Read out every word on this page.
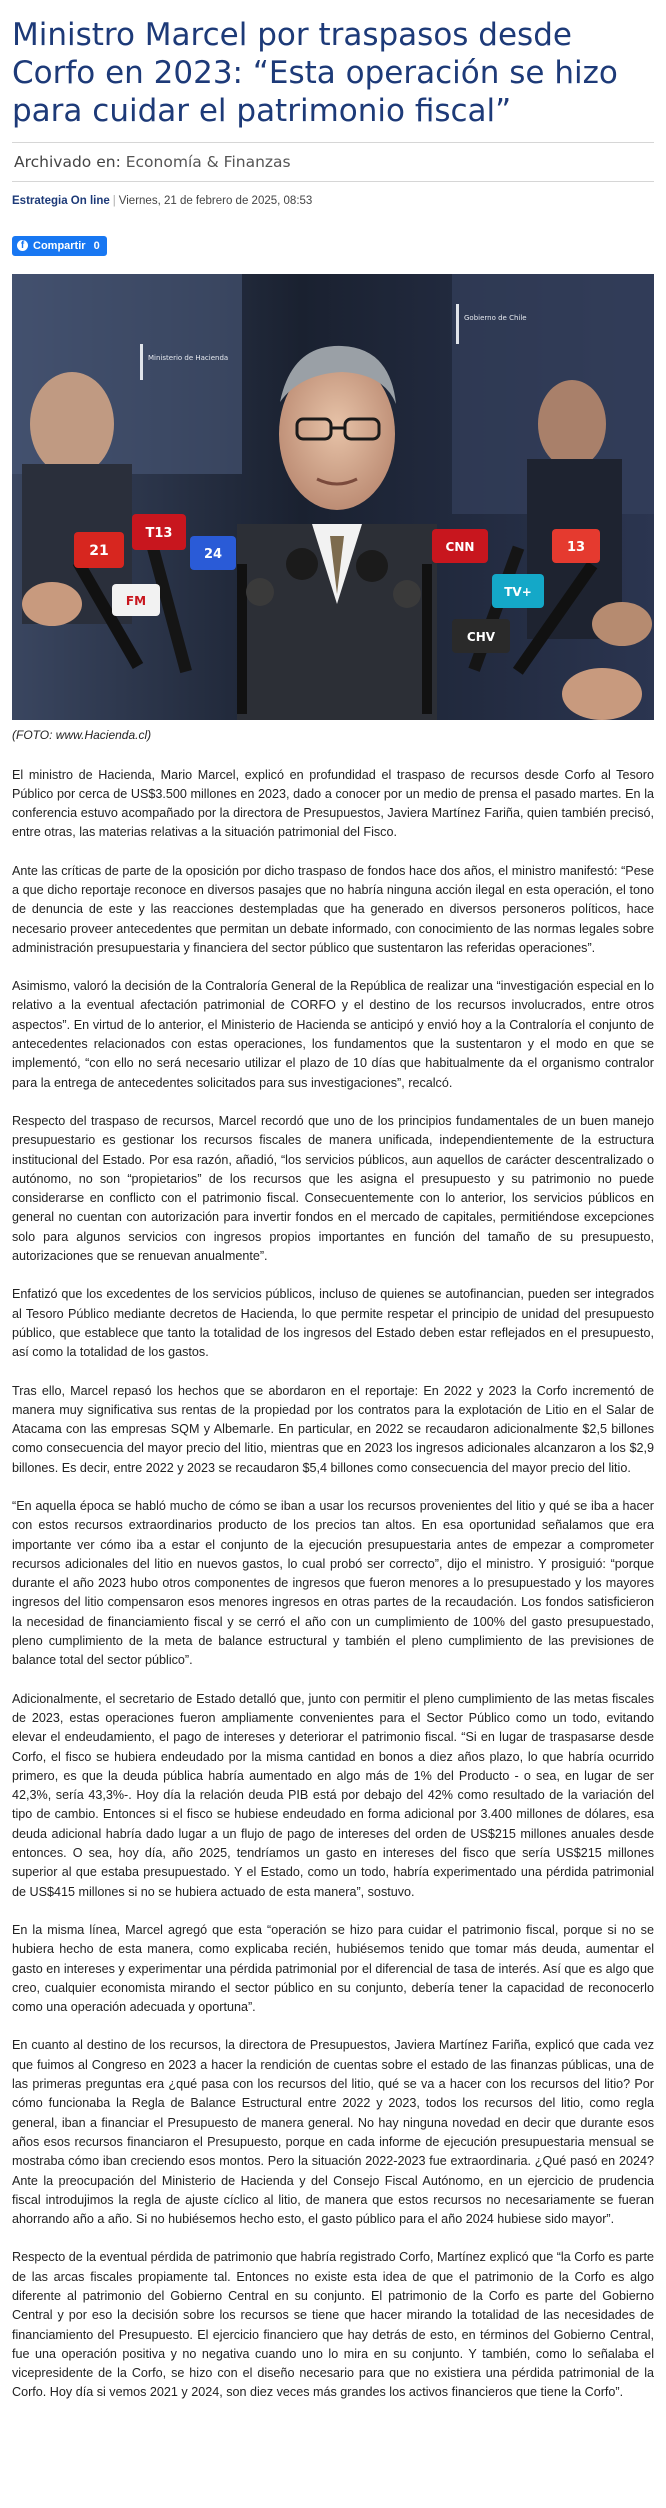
Ministro Marcel por traspasos desde Corfo en 2023: “Esta operación se hizo para cuidar el patrimonio fiscal”
Archivado en: Economía & Finanzas
Estrategia On line | Viernes, 21 de febrero de 2025, 08:53
f Compartir 0
Gobierno de Chile
Ministerio de Hacienda
21
T13
24
FM
CNN
TV+
13
CHV
(FOTO: www.Hacienda.cl)

El ministro de Hacienda, Mario Marcel, explicó en profundidad el traspaso de recursos desde Corfo al Tesoro Público por cerca de US$3.500 millones en 2023, dado a conocer por un medio de prensa el pasado martes. En la conferencia estuvo acompañado por la directora de Presupuestos, Javiera Martínez Fariña, quien también precisó, entre otras, las materias relativas a la situación patrimonial del Fisco.

Ante las críticas de parte de la oposición por dicho traspaso de fondos hace dos años, el ministro manifestó: “Pese a que dicho reportaje reconoce en diversos pasajes que no habría ninguna acción ilegal en esta operación, el tono de denuncia de este y las reacciones destempladas que ha generado en diversos personeros políticos, hace necesario proveer antecedentes que permitan un debate informado, con conocimiento de las normas legales sobre administración presupuestaria y financiera del sector público que sustentaron las referidas operaciones”.

Asimismo, valoró la decisión de la Contraloría General de la República de realizar una “investigación especial en lo relativo a la eventual afectación patrimonial de CORFO y el destino de los recursos involucrados, entre otros aspectos”. En virtud de lo anterior, el Ministerio de Hacienda se anticipó y envió hoy a la Contraloría el conjunto de antecedentes relacionados con estas operaciones, los fundamentos que la sustentaron y el modo en que se implementó, “con ello no será necesario utilizar el plazo de 10 días que habitualmente da el organismo contralor para la entrega de antecedentes solicitados para sus investigaciones”, recalcó.

Respecto del traspaso de recursos, Marcel recordó que uno de los principios fundamentales de un buen manejo presupuestario es gestionar los recursos fiscales de manera unificada, independientemente de la estructura institucional del Estado. Por esa razón, añadió, “los servicios públicos, aun aquellos de carácter descentralizado o autónomo, no son “propietarios” de los recursos que les asigna el presupuesto y su patrimonio no puede considerarse en conflicto con el patrimonio fiscal. Consecuentemente con lo anterior, los servicios públicos en general no cuentan con autorización para invertir fondos en el mercado de capitales, permitiéndose excepciones solo para algunos servicios con ingresos propios importantes en función del tamaño de su presupuesto, autorizaciones que se renuevan anualmente”.

Enfatizó que los excedentes de los servicios públicos, incluso de quienes se autofinancian, pueden ser integrados al Tesoro Público mediante decretos de Hacienda, lo que permite respetar el principio de unidad del presupuesto público, que establece que tanto la totalidad de los ingresos del Estado deben estar reflejados en el presupuesto, así como la totalidad de los gastos.

Tras ello, Marcel repasó los hechos que se abordaron en el reportaje: En 2022 y 2023 la Corfo incrementó de manera muy significativa sus rentas de la propiedad por los contratos para la explotación de Litio en el Salar de Atacama con las empresas SQM y Albemarle. En particular, en 2022 se recaudaron adicionalmente $2,5 billones como consecuencia del mayor precio del litio, mientras que en 2023 los ingresos adicionales alcanzaron a los $2,9 billones. Es decir, entre 2022 y 2023 se recaudaron $5,4 billones como consecuencia del mayor precio del litio.

“En aquella época se habló mucho de cómo se iban a usar los recursos provenientes del litio y qué se iba a hacer con estos recursos extraordinarios producto de los precios tan altos. En esa oportunidad señalamos que era importante ver cómo iba a estar el conjunto de la ejecución presupuestaria antes de empezar a comprometer recursos adicionales del litio en nuevos gastos, lo cual probó ser correcto”, dijo el ministro. Y prosiguió: “porque durante el año 2023 hubo otros componentes de ingresos que fueron menores a lo presupuestado y los mayores ingresos del litio compensaron esos menores ingresos en otras partes de la recaudación. Los fondos satisficieron la necesidad de financiamiento fiscal y se cerró el año con un cumplimiento de 100% del gasto presupuestado, pleno cumplimiento de la meta de balance estructural y también el pleno cumplimiento de las previsiones de balance total del sector público”.

Adicionalmente, el secretario de Estado detalló que, junto con permitir el pleno cumplimiento de las metas fiscales de 2023, estas operaciones fueron ampliamente convenientes para el Sector Público como un todo, evitando elevar el endeudamiento, el pago de intereses y deteriorar el patrimonio fiscal. “Si en lugar de traspasarse desde Corfo, el fisco se hubiera endeudado por la misma cantidad en bonos a diez años plazo, lo que habría ocurrido primero, es que la deuda pública habría aumentado en algo más de 1% del Producto - o sea, en lugar de ser 42,3%, sería 43,3%-. Hoy día la relación deuda PIB está por debajo del 42% como resultado de la variación del tipo de cambio. Entonces si el fisco se hubiese endeudado en forma adicional por 3.400 millones de dólares, esa deuda adicional habría dado lugar a un flujo de pago de intereses del orden de US$215 millones anuales desde entonces. O sea, hoy día, año 2025, tendríamos un gasto en intereses del fisco que sería US$215 millones superior al que estaba presupuestado. Y el Estado, como un todo, habría experimentado una pérdida patrimonial de US$415 millones si no se hubiera actuado de esta manera”, sostuvo.

En la misma línea, Marcel agregó que esta “operación se hizo para cuidar el patrimonio fiscal, porque si no se hubiera hecho de esta manera, como explicaba recién, hubiésemos tenido que tomar más deuda, aumentar el gasto en intereses y experimentar una pérdida patrimonial por el diferencial de tasa de interés. Así que es algo que creo, cualquier economista mirando el sector público en su conjunto, debería tener la capacidad de reconocerlo como una operación adecuada y oportuna”.

En cuanto al destino de los recursos, la directora de Presupuestos, Javiera Martínez Fariña, explicó que cada vez que fuimos al Congreso en 2023 a hacer la rendición de cuentas sobre el estado de las finanzas públicas, una de las primeras preguntas era ¿qué pasa con los recursos del litio, qué se va a hacer con los recursos del litio? Por cómo funcionaba la Regla de Balance Estructural entre 2022 y 2023, todos los recursos del litio, como regla general, iban a financiar el Presupuesto de manera general. No hay ninguna novedad en decir que durante esos años esos recursos financiaron el Presupuesto, porque en cada informe de ejecución presupuestaria mensual se mostraba cómo iban creciendo esos montos. Pero la situación 2022-2023 fue extraordinaria. ¿Qué pasó en 2024? Ante la preocupación del Ministerio de Hacienda y del Consejo Fiscal Autónomo, en un ejercicio de prudencia fiscal introdujimos la regla de ajuste cíclico al litio, de manera que estos recursos no necesariamente se fueran ahorrando año a año. Si no hubiésemos hecho esto, el gasto público para el año 2024 hubiese sido mayor”.

Respecto de la eventual pérdida de patrimonio que habría registrado Corfo, Martínez explicó que “la Corfo es parte de las arcas fiscales propiamente tal. Entonces no existe esta idea de que el patrimonio de la Corfo es algo diferente al patrimonio del Gobierno Central en su conjunto. El patrimonio de la Corfo es parte del Gobierno Central y por eso la decisión sobre los recursos se tiene que hacer mirando la totalidad de las necesidades de financiamiento del Presupuesto. El ejercicio financiero que hay detrás de esto, en términos del Gobierno Central, fue una operación positiva y no negativa cuando uno lo mira en su conjunto. Y también, como lo señalaba el vicepresidente de la Corfo, se hizo con el diseño necesario para que no existiera una pérdida patrimonial de la Corfo. Hoy día si vemos 2021 y 2024, son diez veces más grandes los activos financieros que tiene la Corfo”.
